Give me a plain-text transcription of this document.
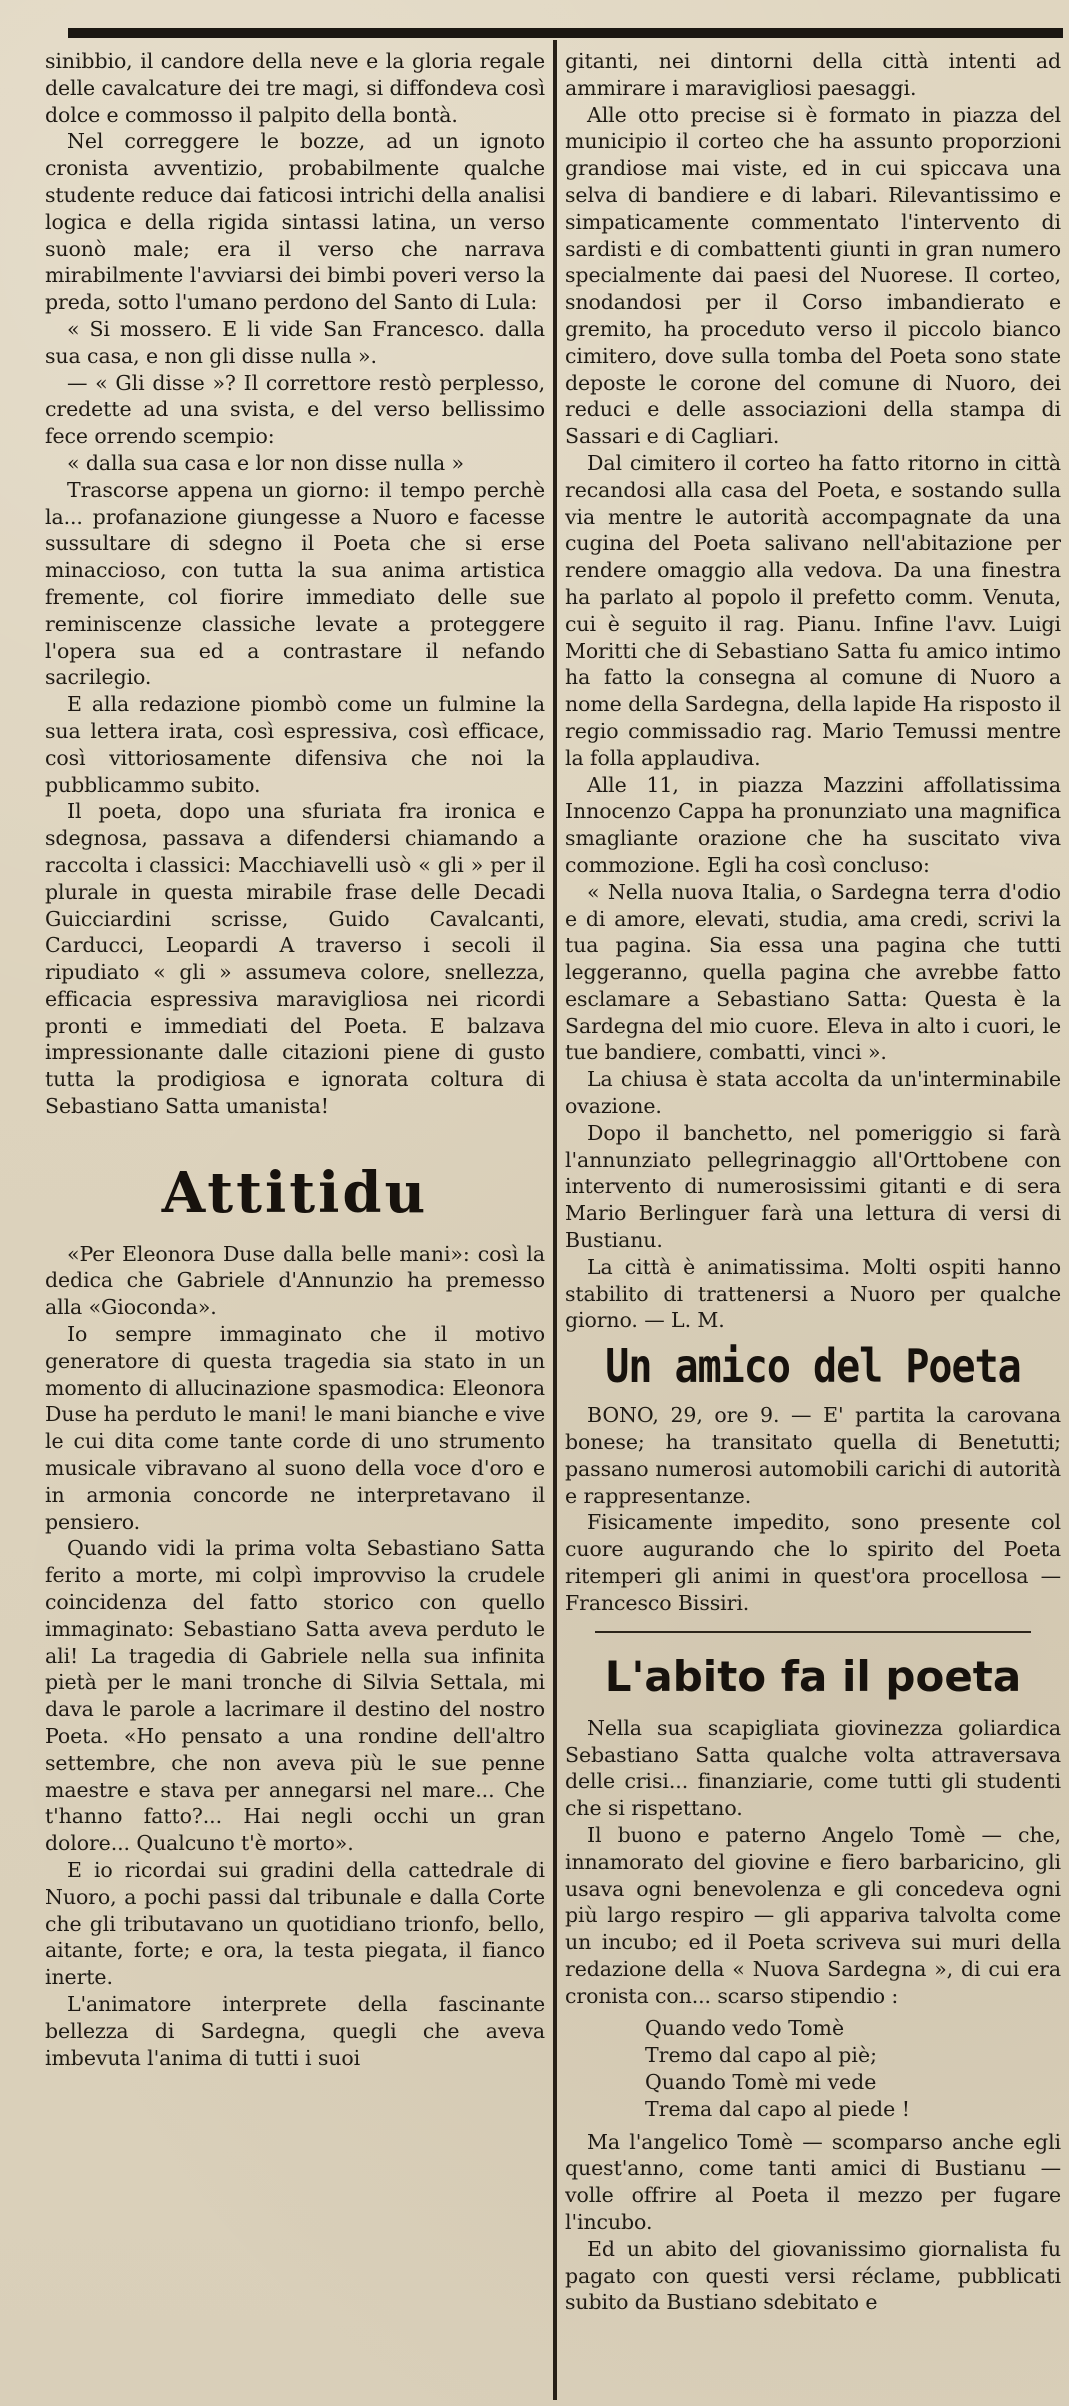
sinibbio, il candore della neve e la gloria regale delle cavalcature dei tre magi, si diffondeva così dolce e commosso il palpito della bontà.

Nel correggere le bozze, ad un ignoto cronista avventizio, probabilmente qualche studente reduce dai faticosi intrichi della analisi logica e della rigida sintassi latina, un verso suonò male; era il verso che narrava mirabilmente l'avviarsi dei bimbi poveri verso la preda, sotto l'umano perdono del Santo di Lula:

« Si mossero. E li vide San Francesco. dalla sua casa, e non gli disse nulla ».

— « Gli disse »? Il correttore restò perplesso, credette ad una svista, e del verso bellissimo fece orrendo scempio:

« dalla sua casa e lor non disse nulla »

Trascorse appena un giorno: il tempo perchè la... profanazione giungesse a Nuoro e facesse sussultare di sdegno il Poeta che si erse minaccioso, con tutta la sua anima artistica fremente, col fiorire immediato delle sue reminiscenze classiche levate a proteggere l'opera sua ed a contrastare il nefando sacrilegio.

E alla redazione piombò come un fulmine la sua lettera irata, così espressiva, così efficace, così vittoriosamente difensiva che noi la pubblicammo subito.

Il poeta, dopo una sfuriata fra ironica e sdegnosa, passava a difendersi chiamando a raccolta i classici: Macchiavelli usò « gli » per il plurale in questa mirabile frase delle Decadi Guicciardini scrisse, Guido Cavalcanti, Carducci, Leopardi A traverso i secoli il ripudiato « gli » assumeva colore, snellezza, efficacia espressiva maravigliosa nei ricordi pronti e immediati del Poeta. E balzava impressionante dalle citazioni piene di gusto tutta la prodigiosa e ignorata coltura di Sebastiano Satta umanista!

Attitidu

«Per Eleonora Duse dalla belle mani»: così la dedica che Gabriele d'Annunzio ha premesso alla «Gioconda».

Io sempre immaginato che il motivo generatore di questa tragedia sia stato in un momento di allucinazione spasmodica: Eleonora Duse ha perduto le mani! le mani bianche e vive le cui dita come tante corde di uno strumento musicale vibravano al suono della voce d'oro e in armonia concorde ne interpretavano il pensiero.

Quando vidi la prima volta Sebastiano Satta ferito a morte, mi colpì improvviso la crudele coincidenza del fatto storico con quello immaginato: Sebastiano Satta aveva perduto le ali! La tragedia di Gabriele nella sua infinita pietà per le mani tronche di Silvia Settala, mi dava le parole a lacrimare il destino del nostro Poeta. «Ho pensato a una rondine dell'altro settembre, che non aveva più le sue penne maestre e stava per annegarsi nel mare... Che t'hanno fatto?... Hai negli occhi un gran dolore... Qualcuno t'è morto».

E io ricordai sui gradini della cattedrale di Nuoro, a pochi passi dal tribunale e dalla Corte che gli tributavano un quotidiano trionfo, bello, aitante, forte; e ora, la testa piegata, il fianco inerte.

L'animatore interprete della fascinante bellezza di Sardegna, quegli che aveva imbevuta l'anima di tutti i suoi

gitanti, nei dintorni della città intenti ad ammirare i maravigliosi paesaggi.

Alle otto precise si è formato in piazza del municipio il corteo che ha assunto proporzioni grandiose mai viste, ed in cui spiccava una selva di bandiere e di labari. Rilevantissimo e simpaticamente commentato l'intervento di sardisti e di combattenti giunti in gran numero specialmente dai paesi del Nuorese. Il corteo, snodandosi per il Corso imbandierato e gremito, ha proceduto verso il piccolo bianco cimitero, dove sulla tomba del Poeta sono state deposte le corone del comune di Nuoro, dei reduci e delle associazioni della stampa di Sassari e di Cagliari.

Dal cimitero il corteo ha fatto ritorno in città recandosi alla casa del Poeta, e sostando sulla via mentre le autorità accompagnate da una cugina del Poeta salivano nell'abitazione per rendere omaggio alla vedova. Da una finestra ha parlato al popolo il prefetto comm. Venuta, cui è seguito il rag. Pianu. Infine l'avv. Luigi Moritti che di Sebastiano Satta fu amico intimo ha fatto la consegna al comune di Nuoro a nome della Sardegna, della lapide Ha risposto il regio commissadio rag. Mario Temussi mentre la folla applaudiva.

Alle 11, in piazza Mazzini affollatissima Innocenzo Cappa ha pronunziato una magnifica smagliante orazione che ha suscitato viva commozione. Egli ha così concluso:

« Nella nuova Italia, o Sardegna terra d'odio e di amore, elevati, studia, ama credi, scrivi la tua pagina. Sia essa una pagina che tutti leggeranno, quella pagina che avrebbe fatto esclamare a Sebastiano Satta: Questa è la Sardegna del mio cuore. Eleva in alto i cuori, le tue bandiere, combatti, vinci ».

La chiusa è stata accolta da un'interminabile ovazione.

Dopo il banchetto, nel pomeriggio si farà l'annunziato pellegrinaggio all'Orttobene con intervento di numerosissimi gitanti e di sera Mario Berlinguer farà una lettura di versi di Bustianu.

La città è animatissima. Molti ospiti hanno stabilito di trattenersi a Nuoro per qualche giorno. — L. M.

Un amico del Poeta

BONO, 29, ore 9. — E' partita la carovana bonese; ha transitato quella di Benetutti; passano numerosi automobili carichi di autorità e rappresentanze.

Fisicamente impedito, sono presente col cuore augurando che lo spirito del Poeta ritemperi gli animi in quest'ora procellosa — Francesco Bissiri.

L'abito fa il poeta

Nella sua scapigliata giovinezza goliardica Sebastiano Satta qualche volta attraversava delle crisi... finanziarie, come tutti gli studenti che si rispettano.

Il buono e paterno Angelo Tomè — che, innamorato del giovine e fiero barbaricino, gli usava ogni benevolenza e gli concedeva ogni più largo respiro — gli appariva talvolta come un incubo; ed il Poeta scriveva sui muri della redazione della « Nuova Sardegna », di cui era cronista con... scarso stipendio :

Quando vedo Tomè
Tremo dal capo al piè;
Quando Tomè mi vede
Trema dal capo al piede !

Ma l'angelico Tomè — scomparso anche egli quest'anno, come tanti amici di Bustianu — volle offrire al Poeta il mezzo per fugare l'incubo.

Ed un abito del giovanissimo giornalista fu pagato con questi versi réclame, pubblicati subito da Bustiano sdebitato e
